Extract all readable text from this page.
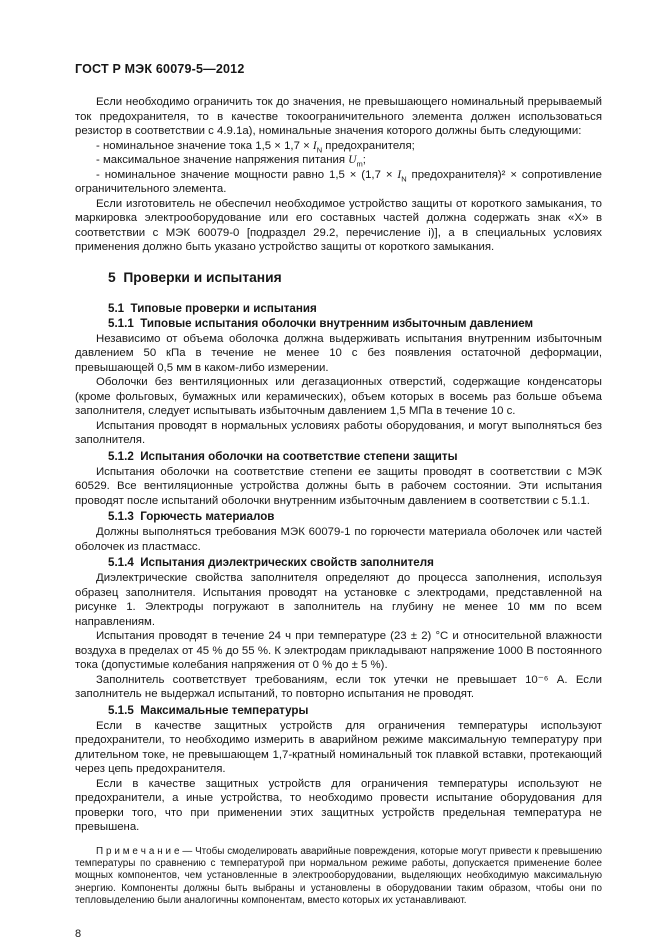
ГОСТ Р МЭК 60079-5—2012

Если необходимо ограничить ток до значения, не превышающего номинальный прерываемый ток предохранителя, то в качестве токоограничительного элемента должен использоваться резистор в соответствии с 4.9.1а), номинальные значения которого должны быть следующими:

- номинальное значение тока $1,5 \times 1,7 \times I_N$ предохранителя;

- максимальное значение напряжения питания $U_m$;

- номинальное значение мощности равно $1,5 \times (1,7 \times I_N$ предохранителя)² × сопротивление ограничительного элемента.

Если изготовитель не обеспечил необходимое устройство защиты от короткого замыкания, то маркировка электрооборудование или его составных частей должна содержать знак «Х» в соответствии с МЭК 60079-0 [подраздел 29.2, перечисление i)], а в специальных условиях применения должно быть указано устройство защиты от короткого замыкания.

5  Проверки и испытания
5.1  Типовые проверки и испытания
5.1.1  Типовые испытания оболочки внутренним избыточным давлением

Независимо от объема оболочка должна выдерживать испытания внутренним избыточным давлением 50 кПа в течение не менее 10 с без появления остаточной деформации, превышающей 0,5 мм в каком-либо измерении.

Оболочки без вентиляционных или дегазационных отверстий, содержащие конденсаторы (кроме фольговых, бумажных или керамических), объем которых в восемь раз больше объема заполнителя, следует испытывать избыточным давлением 1,5 МПа в течение 10 с.

Испытания проводят в нормальных условиях работы оборудования, и могут выполняться без заполнителя.

5.1.2  Испытания оболочки на соответствие степени защиты

Испытания оболочки на соответствие степени ее защиты проводят в соответствии с МЭК 60529. Все вентиляционные устройства должны быть в рабочем состоянии. Эти испытания проводят после испытаний оболочки внутренним избыточным давлением в соответствии с 5.1.1.

5.1.3  Горючесть материалов

Должны выполняться требования МЭК 60079-1 по горючести материала оболочек или частей оболочек из пластмасс.

5.1.4  Испытания диэлектрических свойств заполнителя

Диэлектрические свойства заполнителя определяют до процесса заполнения, используя образец заполнителя. Испытания проводят на установке с электродами, представленной на рисунке 1. Электроды погружают в заполнитель на глубину не менее 10 мм по всем направлениям.

Испытания проводят в течение 24 ч при температуре (23 ± 2) °С и относительной влажности воздуха в пределах от 45 % до 55 %. К электродам прикладывают напряжение 1000 В постоянного тока (допустимые колебания напряжения от 0 % до ± 5 %).

Заполнитель соответствует требованиям, если ток утечки не превышает 10⁻⁶ А. Если заполнитель не выдержал испытаний, то повторно испытания не проводят.

5.1.5  Максимальные температуры

Если в качестве защитных устройств для ограничения температуры используют предохранители, то необходимо измерить в аварийном режиме максимальную температуру при длительном токе, не превышающем 1,7-кратный номинальный ток плавкой вставки, протекающий через цепь предохранителя.

Если в качестве защитных устройств для ограничения температуры используют не предохранители, а иные устройства, то необходимо провести испытание оборудования для проверки того, что при применении этих защитных устройств предельная температура не превышена.

П р и м е ч а н и е — Чтобы смоделировать аварийные повреждения, которые могут привести к превышению температуры по сравнению с температурой при нормальном режиме работы, допускается применение более мощных компонентов, чем установленные в электрооборудовании, выделяющих необходимую максимальную энергию. Компоненты должны быть выбраны и установлены в оборудовании таким образом, чтобы они по тепловыделению были аналогичны компонентам, вместо которых их устанавливают.

8
